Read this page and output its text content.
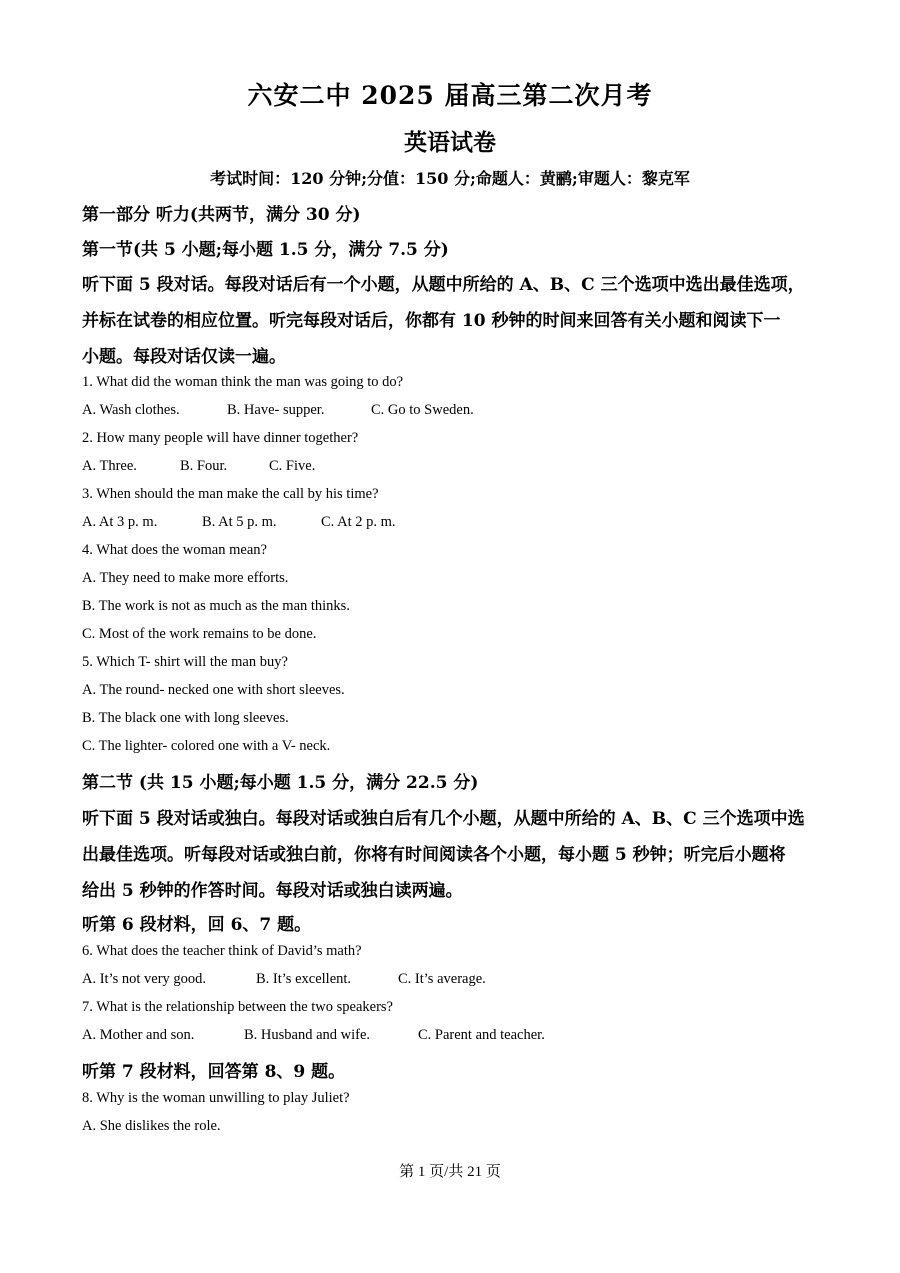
六安二中 2025 届高三第二次月考
英语试卷
考试时间：120 分钟;分值：150 分;命题人：黄鹂;审题人：黎克军
第一部分 听力(共两节，满分 30 分)
第一节(共 5 小题;每小题 1.5 分，满分 7.5 分)
听下面 5 段对话。每段对话后有一个小题，从题中所给的 A、B、C 三个选项中选出最佳选项，
并标在试卷的相应位置。听完每段对话后，你都有 10 秒钟的时间来回答有关小题和阅读下一
小题。每段对话仅读一遍。
1. What did the woman think the man was going to do?
A. Wash clothes.	B. Have- supper.	C. Go to Sweden.
2. How many people will have dinner together?
A. Three.	B. Four.	C. Five.
3. When should the man make the call by his time?
A. At 3 p. m.	B. At 5 p. m.	C. At 2 p. m.
4. What does the woman mean?
A. They need to make more efforts.
B. The work is not as much as the man thinks.
C. Most of the work remains to be done.
5. Which T- shirt will the man buy?
A. The round- necked one with short sleeves.
B. The black one with long sleeves.
C. The lighter- colored one with a V- neck.
第二节 (共 15 小题;每小题 1.5 分，满分 22.5 分)
听下面 5 段对话或独白。每段对话或独白后有几个小题，从题中所给的 A、B、C 三个选项中选
出最佳选项。听每段对话或独白前，你将有时间阅读各个小题，每小题 5 秒钟；听完后小题将
给出 5 秒钟的作答时间。每段对话或独白读两遍。
听第 6 段材料，回 6、7 题。
6. What does the teacher think of David’s math?
A. It’s not very good.	B. It’s excellent.	C. It’s average.
7. What is the relationship between the two speakers?
A. Mother and son.	B. Husband and wife.	C. Parent and teacher.
听第 7 段材料，回答第 8、9 题。
8. Why is the woman unwilling to play Juliet?
A. She dislikes the role.
第 1 页/共 21 页
